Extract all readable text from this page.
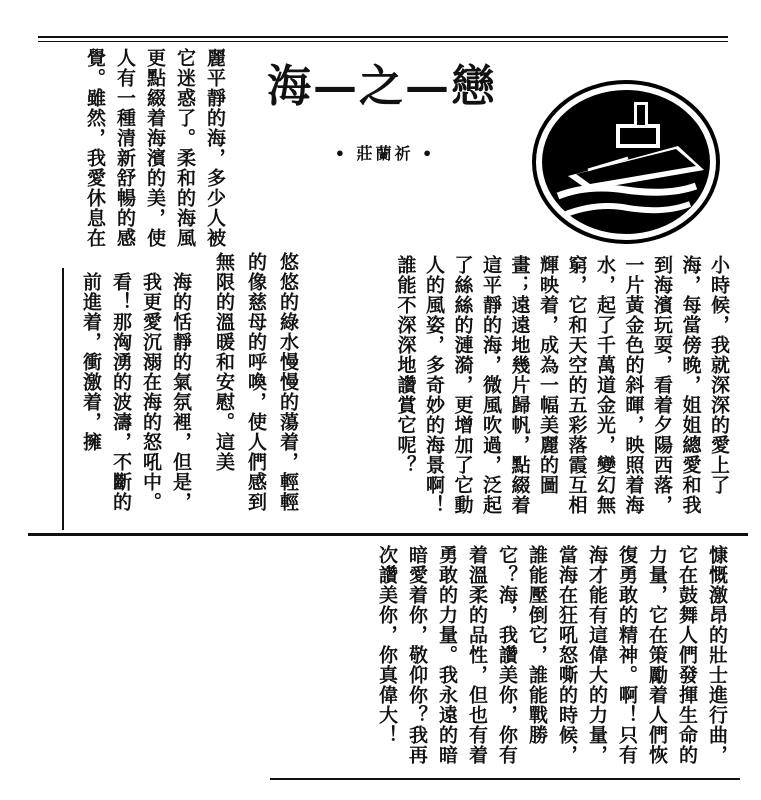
海—之—戀
• 莊蘭祈 •
小時候，我就深深的愛上了海，每當傍晚，姐姐總愛和我到海濱玩耍，看着夕陽西落，一片黃金色的斜暉，映照着海水，起了千萬道金光，變幻無窮，它和天空的五彩落霞互相輝映着，成為一幅美麗的圖畫；遠遠地幾片歸帆，點綴着這平靜的海，微風吹過，泛起了絲絲的漣漪，更增加了它動人的風姿，多奇妙的海景啊！誰能不深深地讚賞它呢？
悠悠的綠水慢慢的蕩着，輕輕的像慈母的呼喚，使人們感到無限的溫暖和安慰。這美
麗平靜的海，多少人被它迷惑了。柔和的海風更點綴着海濱的美，使人有一種清新舒暢的感覺。雖然，我愛休息在
海的恬靜的氣氛裡，但是，我更愛沉溺在海的怒吼中。看！那洶湧的波濤，不斷的前進着，衝激着，擁
慷慨激昂的壯士進行曲，它在鼓舞人們發揮生命的力量，它在策勵着人們恢復勇敢的精神。啊！只有海才能有這偉大的力量，當海在狂吼怒嘶的時候，誰能壓倒它，誰能戰勝它？海，我讚美你，你有着溫柔的品性，但也有着勇敢的力量。我永遠的暗暗愛着你，敬仰你？我再次讚美你，你真偉大！
